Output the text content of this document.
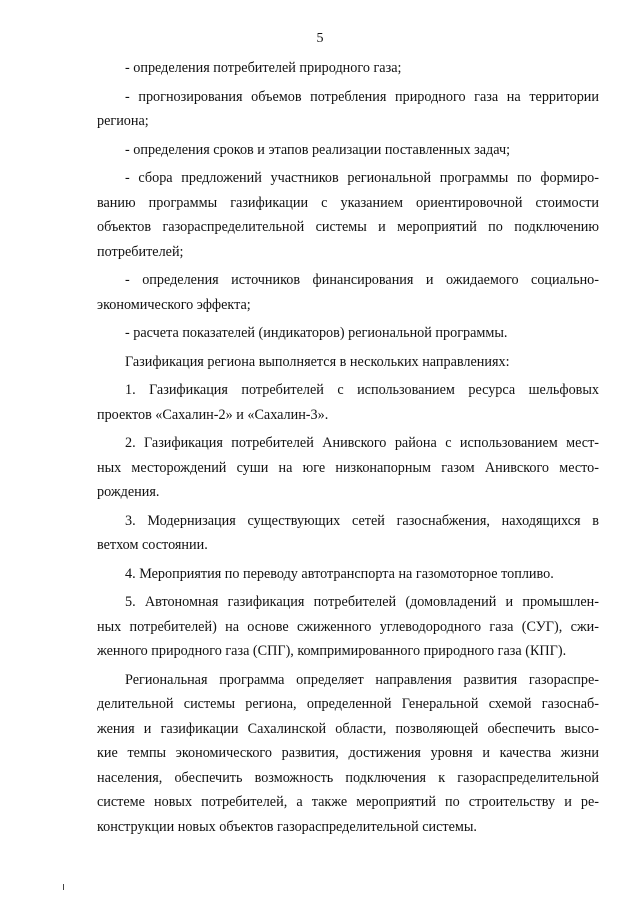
5
- определения потребителей природного газа;
- прогнозирования объемов потребления природного газа на территории
региона;
- определения сроков и этапов реализации поставленных задач;
- сбора предложений участников региональной программы по формиро-
ванию программы газификации с указанием ориентировочной стоимости
объектов газораспределительной системы и мероприятий по подключению
потребителей;
- определения источников финансирования и ожидаемого социально-
экономического эффекта;
- расчета показателей (индикаторов) региональной программы.
Газификация региона выполняется в нескольких направлениях:
1. Газификация потребителей с использованием ресурса шельфовых
проектов «Сахалин-2» и «Сахалин-3».
2. Газификация потребителей Анивского района с использованием мест-
ных месторождений суши на юге низконапорным газом Анивского место-
рождения.
3. Модернизация существующих сетей газоснабжения, находящихся в
ветхом состоянии.
4. Мероприятия по переводу автотранспорта на газомоторное топливо.
5. Автономная газификация потребителей (домовладений и промышлен-
ных потребителей) на основе сжиженного углеводородного газа (СУГ), сжи-
женного природного газа (СПГ), компримированного природного газа (КПГ).
Региональная программа определяет направления развития газораспре-
делительной системы региона, определенной Генеральной схемой газоснаб-
жения и газификации Сахалинской области, позволяющей обеспечить высо-
кие темпы экономического развития, достижения уровня и качества жизни
населения, обеспечить возможность подключения к газораспределительной
системе новых потребителей, а также мероприятий по строительству и ре-
конструкции новых объектов газораспределительной системы.
